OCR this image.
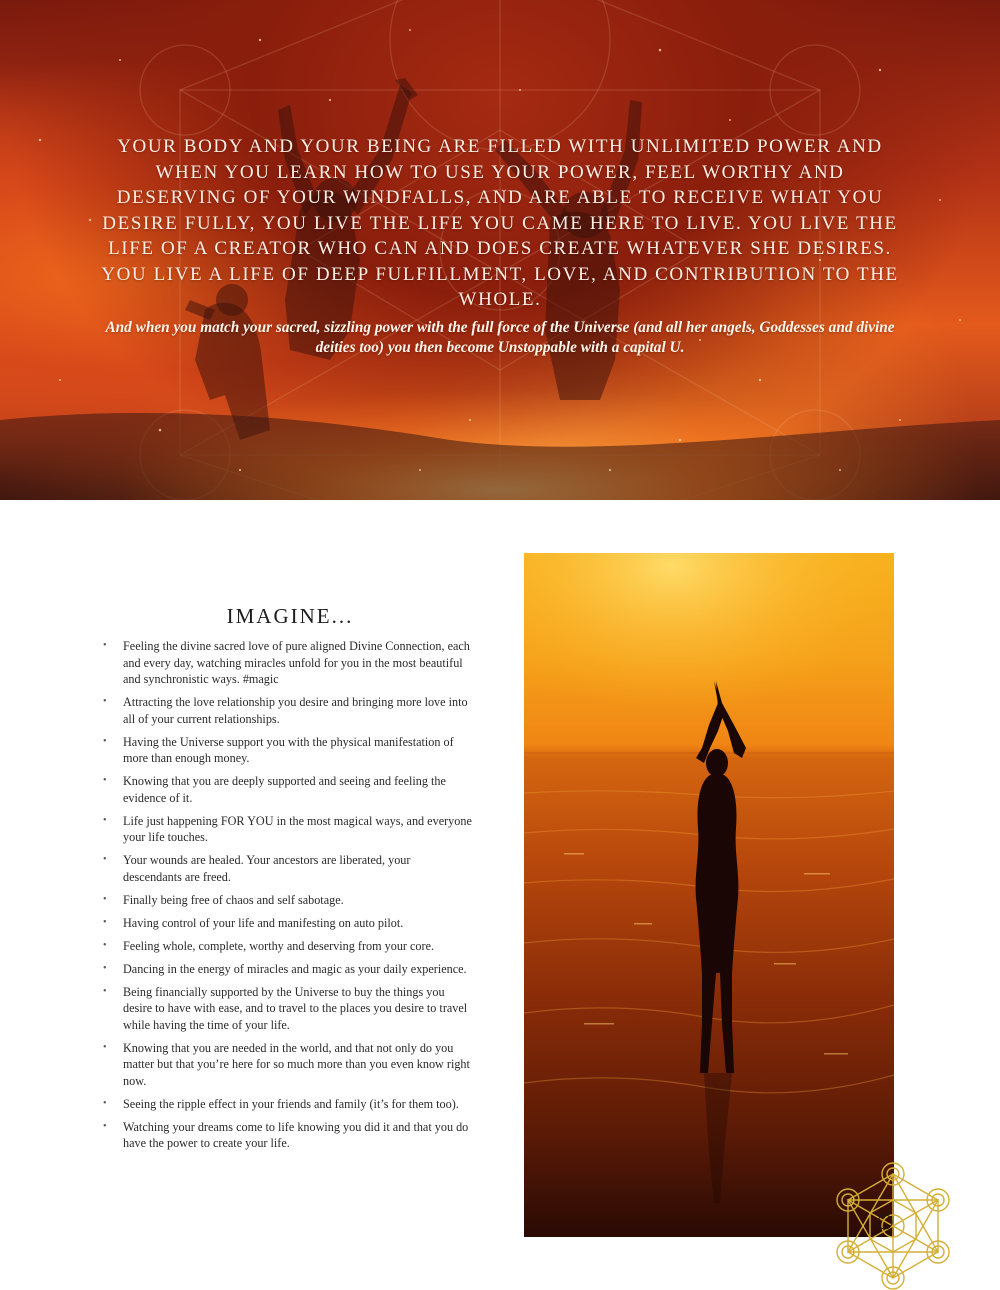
YOUR BODY AND YOUR BEING ARE FILLED WITH UNLIMITED POWER AND WHEN YOU LEARN HOW TO USE YOUR POWER, FEEL WORTHY AND DESERVING OF YOUR WINDFALLS, AND ARE ABLE TO RECEIVE WHAT YOU DESIRE FULLY, YOU LIVE THE LIFE YOU CAME HERE TO LIVE. YOU LIVE THE LIFE OF A CREATOR WHO CAN AND DOES CREATE WHATEVER SHE DESIRES. YOU LIVE A LIFE OF DEEP FULFILLMENT, LOVE, AND CONTRIBUTION TO THE WHOLE.

And when you match your sacred, sizzling power with the full force of the Universe (and all her angels, Goddesses and divine deities too) you then become Unstoppable with a capital U.

IMAGINE...
• Feeling the divine sacred love of pure aligned Divine Connection, each and every day, watching miracles unfold for you in the most beautiful and synchronistic ways. #magic
• Attracting the love relationship you desire and bringing more love into all of your current relationships.
• Having the Universe support you with the physical manifestation of more than enough money.
• Knowing that you are deeply supported and seeing and feeling the evidence of it.
• Life just happening FOR YOU in the most magical ways, and everyone your life touches.
• Your wounds are healed. Your ancestors are liberated, your descendants are freed.
• Finally being free of chaos and self sabotage.
• Having control of your life and manifesting on auto pilot.
• Feeling whole, complete, worthy and deserving from your core.
• Dancing in the energy of miracles and magic as your daily experience.
• Being financially supported by the Universe to buy the things you desire to have with ease, and to travel to the places you desire to travel while having the time of your life.
• Knowing that you are needed in the world, and that not only do you matter but that you’re here for so much more than you even know right now.
• Seeing the ripple effect in your friends and family (it’s for them too).
• Watching your dreams come to life knowing you did it and that you do have the power to create your life.
